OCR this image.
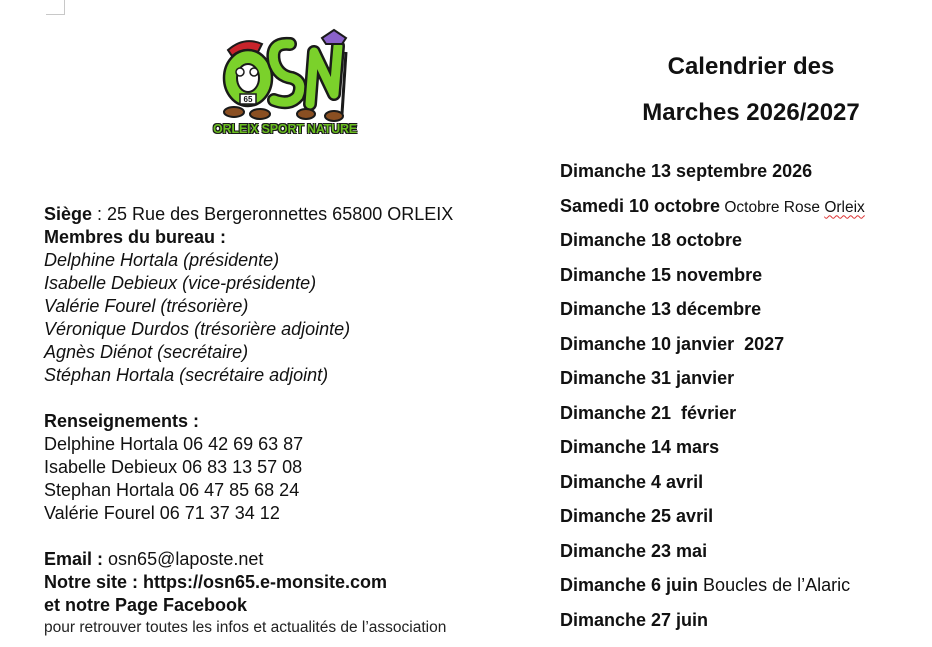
65
ORLEIX SPORT NATURE
Calendrier des
Marches 2026/2027
Dimanche 13 septembre 2026
Samedi 10 octobre Octobre Rose Orleix
Dimanche 18 octobre
Dimanche 15 novembre
Dimanche 13 décembre
Dimanche 10 janvier  2027
Dimanche 31 janvier
Dimanche 21  février
Dimanche 14 mars
Dimanche 4 avril
Dimanche 25 avril
Dimanche 23 mai
Dimanche 6 juin Boucles de l’Alaric
Dimanche 27 juin
Siège : 25 Rue des Bergeronnettes 65800 ORLEIX
Membres du bureau :
Delphine Hortala (présidente)
Isabelle Debieux (vice-présidente)
Valérie Fourel (trésorière)
Véronique Durdos (trésorière adjointe)
Agnès Diénot (secrétaire)
Stéphan Hortala (secrétaire adjoint)
Renseignements :
Delphine Hortala 06 42 69 63 87
Isabelle Debieux 06 83 13 57 08
Stephan Hortala 06 47 85 68 24
Valérie Fourel 06 71 37 34 12
Email : osn65@laposte.net
Notre site : https://osn65.e-monsite.com
et notre Page Facebook
pour retrouver toutes les infos et actualités de l’association
